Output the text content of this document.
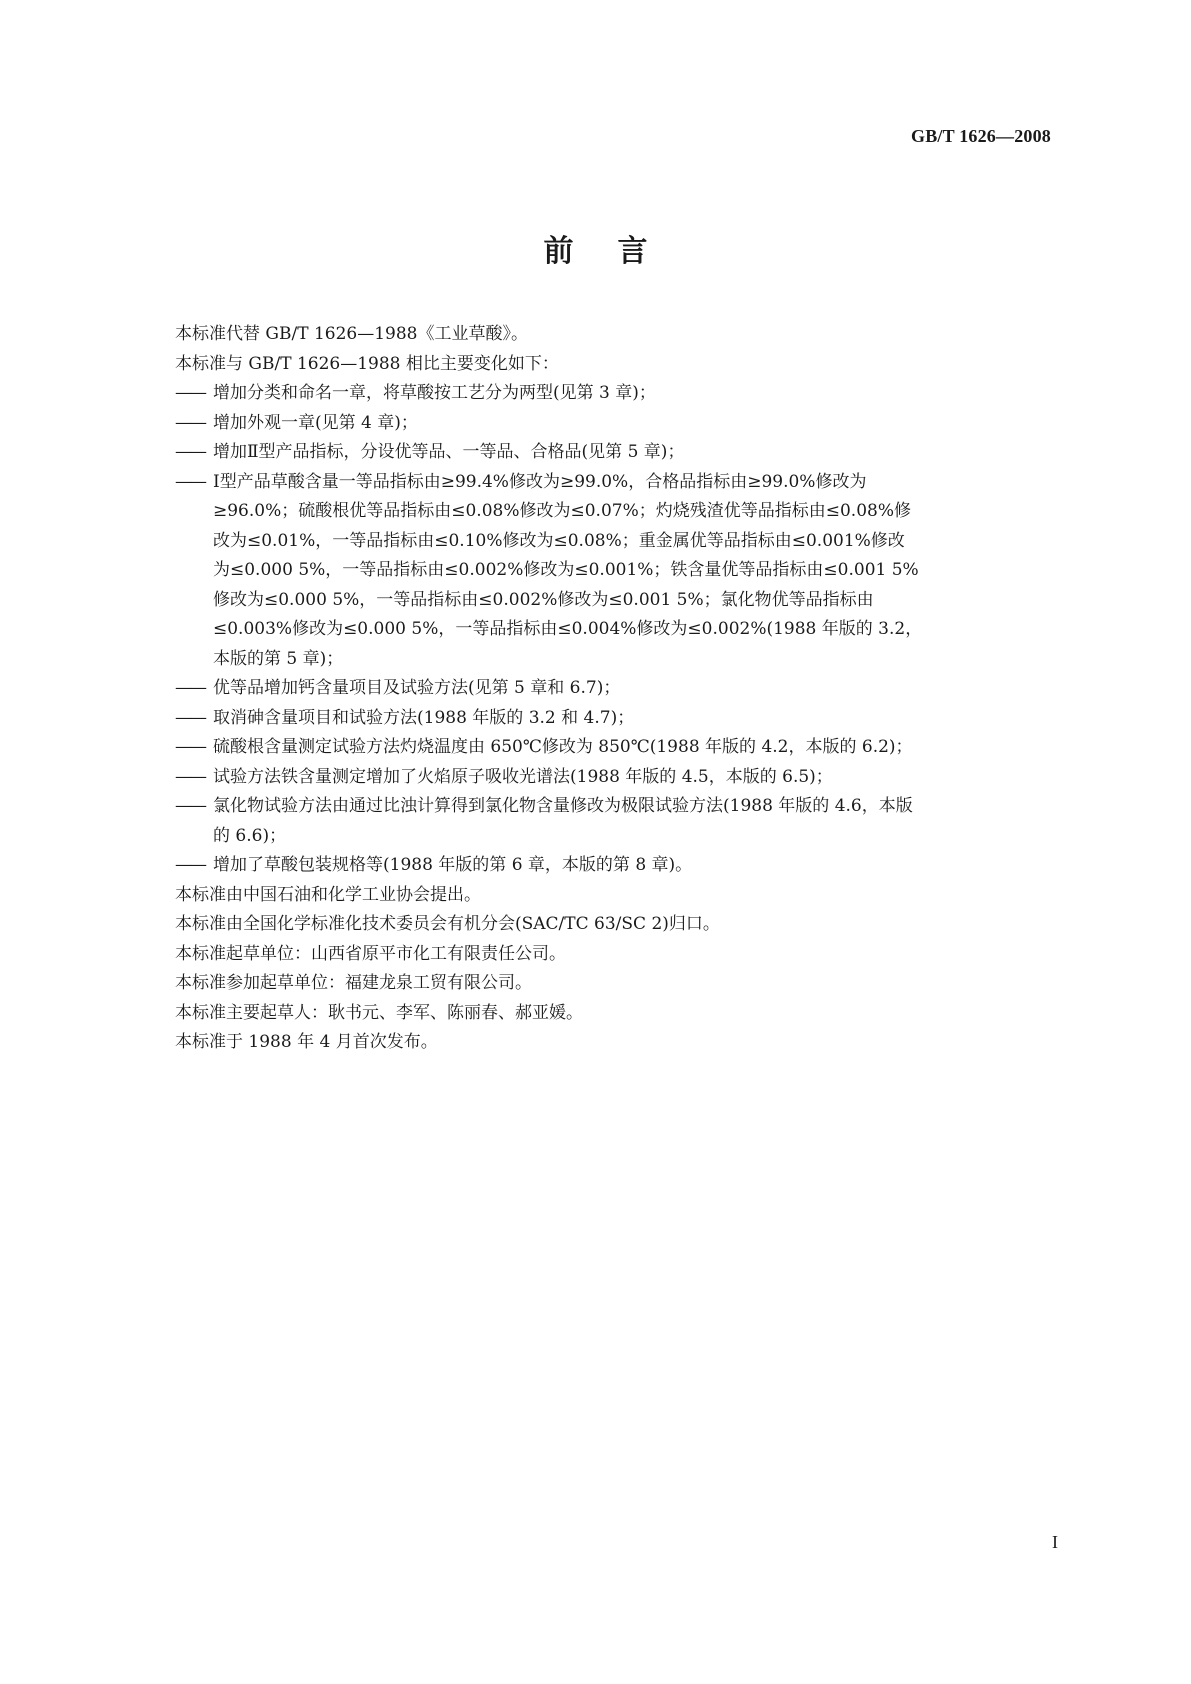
GB/T 1626—2008
前言

本标准代替 GB/T 1626—1988《工业草酸》。

本标准与 GB/T 1626—1988 相比主要变化如下：

—— 增加分类和命名一章，将草酸按工艺分为两型(见第 3 章)；
—— 增加外观一章(见第 4 章)；
—— 增加Ⅱ型产品指标，分设优等品、一等品、合格品(见第 5 章)；
—— Ⅰ型产品草酸含量一等品指标由≥99.4%修改为≥99.0%，合格品指标由≥99.0%修改为
≥96.0%；硫酸根优等品指标由≤0.08%修改为≤0.07%；灼烧残渣优等品指标由≤0.08%修
改为≤0.01%，一等品指标由≤0.10%修改为≤0.08%；重金属优等品指标由≤0.001%修改
为≤0.000 5%，一等品指标由≤0.002%修改为≤0.001%；铁含量优等品指标由≤0.001 5%
修改为≤0.000 5%，一等品指标由≤0.002%修改为≤0.001 5%；氯化物优等品指标由
≤0.003%修改为≤0.000 5%，一等品指标由≤0.004%修改为≤0.002%(1988 年版的 3.2，
本版的第 5 章)；
—— 优等品增加钙含量项目及试验方法(见第 5 章和 6.7)；
—— 取消砷含量项目和试验方法(1988 年版的 3.2 和 4.7)；
—— 硫酸根含量测定试验方法灼烧温度由 650℃修改为 850℃(1988 年版的 4.2，本版的 6.2)；
—— 试验方法铁含量测定增加了火焰原子吸收光谱法(1988 年版的 4.5，本版的 6.5)；
—— 氯化物试验方法由通过比浊计算得到氯化物含量修改为极限试验方法(1988 年版的 4.6，本版
的 6.6)；
—— 增加了草酸包装规格等(1988 年版的第 6 章，本版的第 8 章)。

本标准由中国石油和化学工业协会提出。

本标准由全国化学标准化技术委员会有机分会(SAC/TC 63/SC 2)归口。

本标准起草单位：山西省原平市化工有限责任公司。

本标准参加起草单位：福建龙泉工贸有限公司。

本标准主要起草人：耿书元、李军、陈丽春、郝亚媛。

本标准于 1988 年 4 月首次发布。

I
